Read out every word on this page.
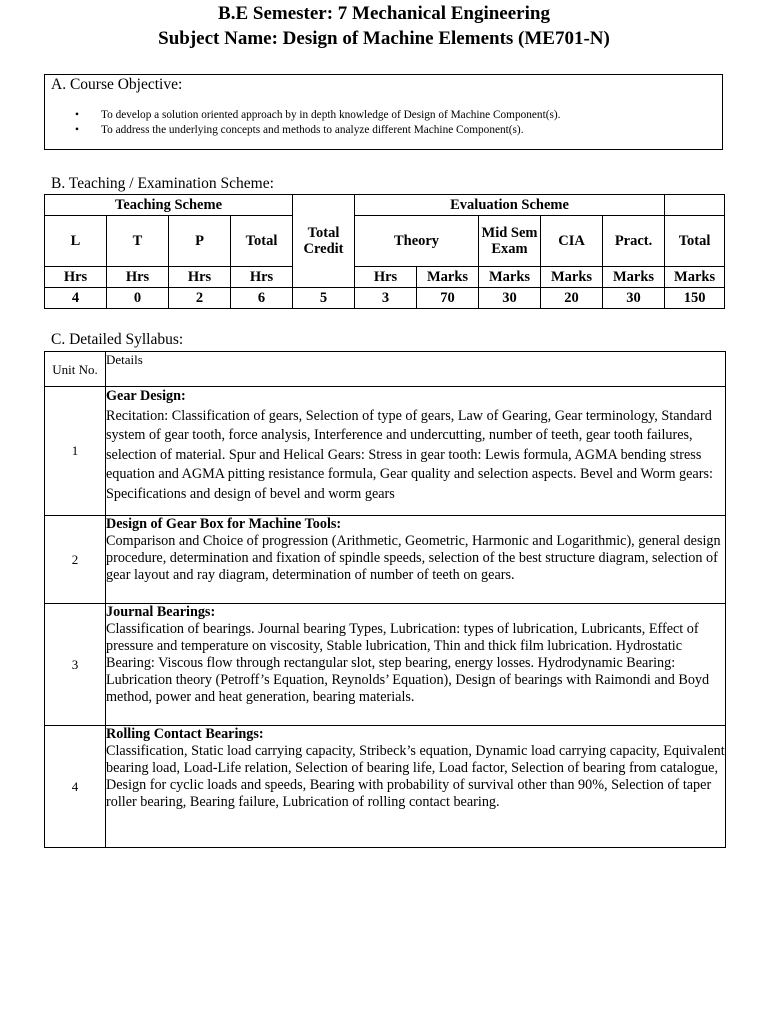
B.E Semester: 7 Mechanical Engineering
Subject Name: Design of Machine Elements (ME701-N)
A. Course Objective:
• To develop a solution oriented approach by in depth knowledge of Design of Machine Component(s).
• To address the underlying concepts and methods to analyze different Machine Component(s).
B. Teaching / Examination Scheme:
Teaching Scheme				Total Credit	Evaluation Scheme					
L	T	P	Total		Theory		Mid Sem Exam	CIA	Pract.	Total
Hrs	Hrs	Hrs	Hrs		Hrs	Marks	Marks	Marks	Marks	Marks
4	0	2	6	5	3	70	30	20	30	150
C. Detailed Syllabus:
Unit No.	Details
1	Gear Design:
Recitation: Classification of gears, Selection of type of gears, Law of Gearing, Gear terminology, Standard system of gear tooth, force analysis, Interference and undercutting, number of teeth, gear tooth failures, selection of material. Spur and Helical Gears: Stress in gear tooth: Lewis formula, AGMA bending stress equation and AGMA pitting resistance formula, Gear quality and selection aspects. Bevel and Worm gears: Specifications and design of bevel and worm gears
2	Design of Gear Box for Machine Tools:
Comparison and Choice of progression (Arithmetic, Geometric, Harmonic and Logarithmic), general design procedure, determination and fixation of spindle speeds, selection of the best structure diagram, selection of gear layout and ray diagram, determination of number of teeth on gears.
3	Journal Bearings:
Classification of bearings. Journal bearing Types, Lubrication: types of lubrication, Lubricants, Effect of pressure and temperature on viscosity, Stable lubrication, Thin and thick film lubrication. Hydrostatic Bearing: Viscous flow through rectangular slot, step bearing, energy losses. Hydrodynamic Bearing: Lubrication theory (Petroff’s Equation, Reynolds’ Equation), Design of bearings with Raimondi and Boyd method, power and heat generation, bearing materials.
4	Rolling Contact Bearings:
Classification, Static load carrying capacity, Stribeck’s equation, Dynamic load carrying capacity, Equivalent bearing load, Load-Life relation, Selection of bearing life, Load factor, Selection of bearing from catalogue, Design for cyclic loads and speeds, Bearing with probability of survival other than 90%, Selection of taper roller bearing, Bearing failure, Lubrication of rolling contact bearing.
